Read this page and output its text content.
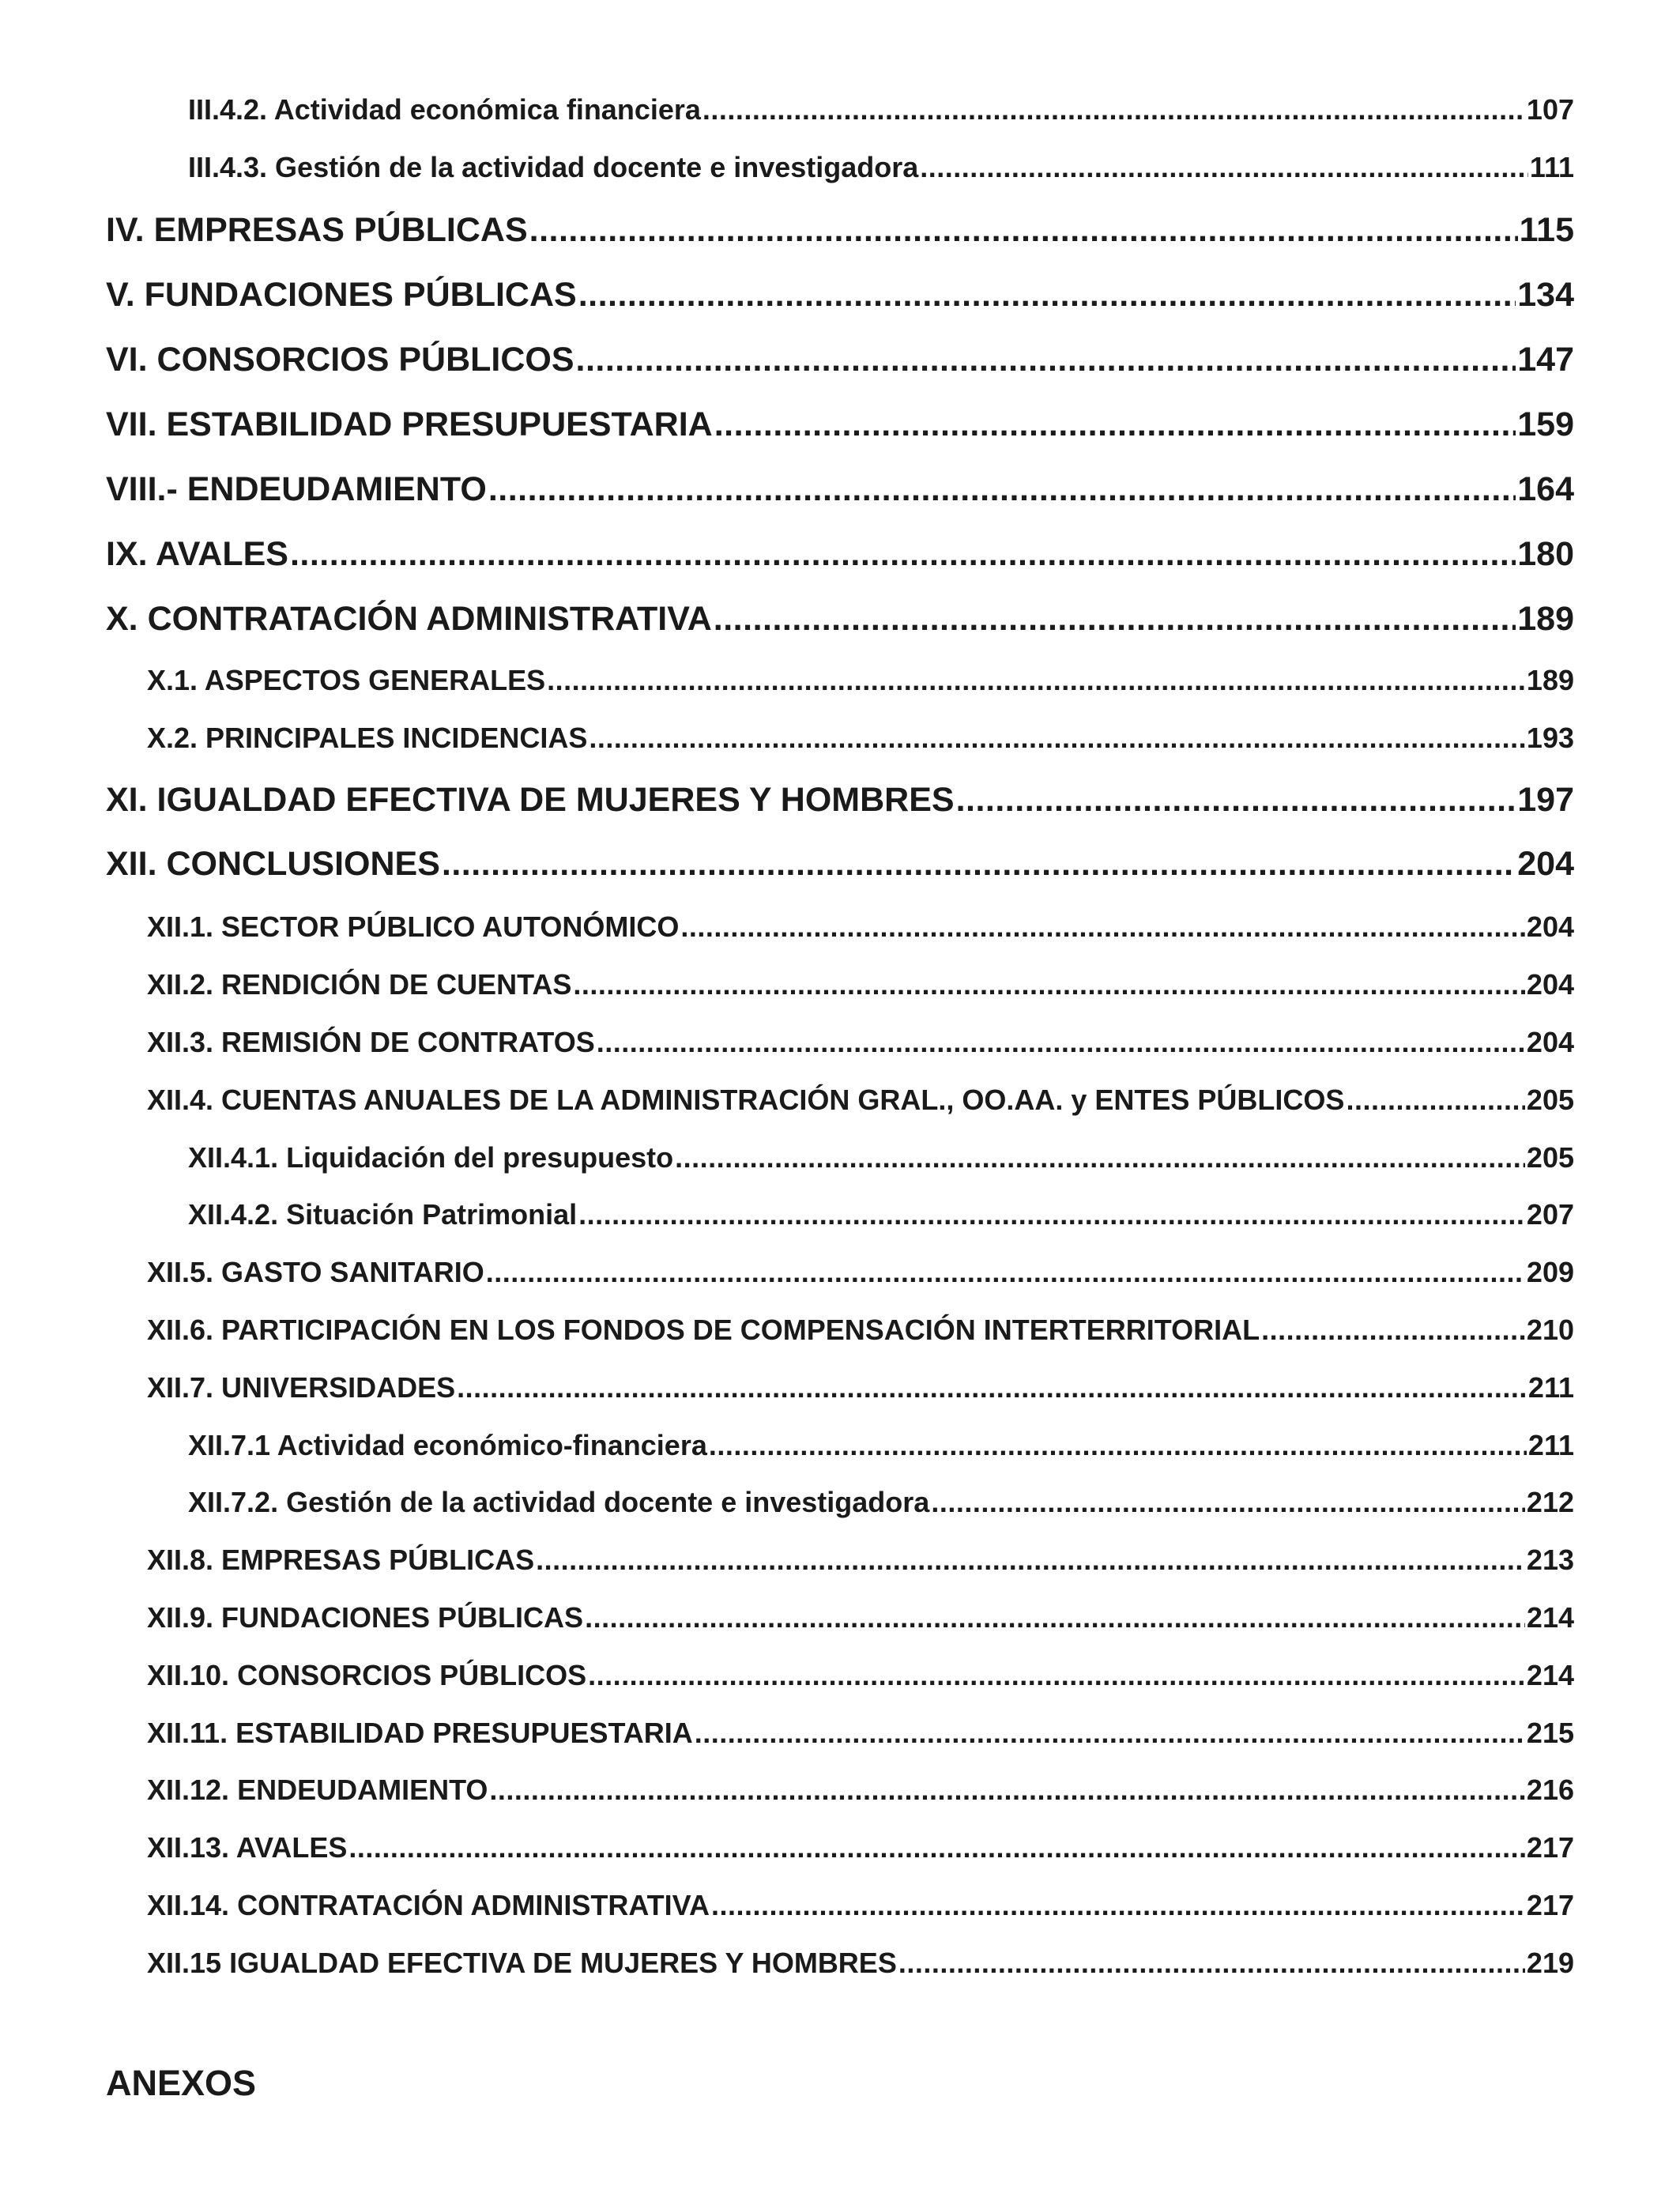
III.4.2. Actividad económica financiera .....	107
III.4.3. Gestión de la actividad docente e investigadora .....	111
IV. EMPRESAS PÚBLICAS .....	115
V. FUNDACIONES PÚBLICAS .....	134
VI. CONSORCIOS PÚBLICOS .....	147
VII. ESTABILIDAD PRESUPUESTARIA .....	159
VIII.- ENDEUDAMIENTO .....	164
IX. AVALES .....	180
X. CONTRATACIÓN ADMINISTRATIVA .....	189
X.1. ASPECTOS GENERALES .....	189
X.2. PRINCIPALES INCIDENCIAS .....	193
XI. IGUALDAD EFECTIVA DE MUJERES Y HOMBRES .....	197
XII. CONCLUSIONES .....	204
XII.1. SECTOR PÚBLICO AUTONÓMICO .....	204
XII.2. RENDICIÓN DE CUENTAS .....	204
XII.3. REMISIÓN DE CONTRATOS .....	204
XII.4. CUENTAS ANUALES DE LA ADMINISTRACIÓN GRAL., OO.AA. y ENTES PÚBLICOS .....	205
XII.4.1. Liquidación del presupuesto .....	205
XII.4.2. Situación Patrimonial .....	207
XII.5. GASTO SANITARIO .....	209
XII.6. PARTICIPACIÓN EN LOS FONDOS DE COMPENSACIÓN INTERTERRITORIAL .....	210
XII.7. UNIVERSIDADES .....	211
XII.7.1 Actividad económico-financiera .....	211
XII.7.2. Gestión de la actividad docente e investigadora .....	212
XII.8. EMPRESAS PÚBLICAS .....	213
XII.9. FUNDACIONES PÚBLICAS .....	214
XII.10. CONSORCIOS PÚBLICOS .....	214
XII.11. ESTABILIDAD PRESUPUESTARIA .....	215
XII.12. ENDEUDAMIENTO .....	216
XII.13. AVALES .....	217
XII.14. CONTRATACIÓN ADMINISTRATIVA .....	217
XII.15 IGUALDAD EFECTIVA DE MUJERES Y HOMBRES .....	219
ANEXOS
